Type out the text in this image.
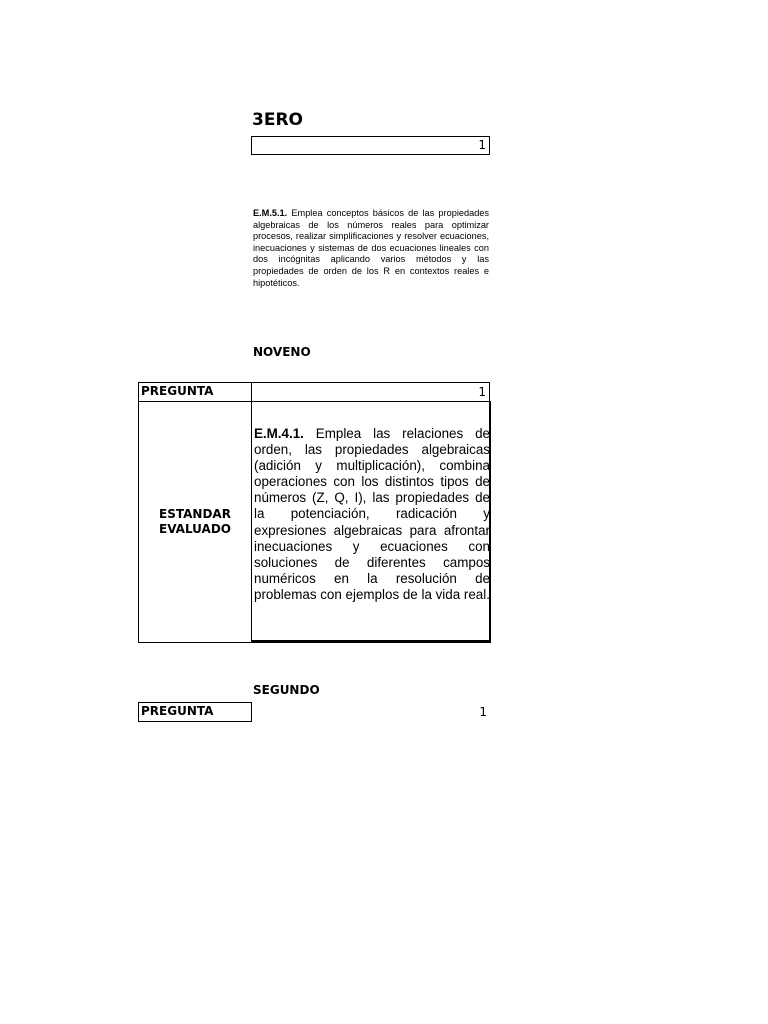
3ERO
1
E.M.5.1. Emplea conceptos básicos de las propiedades algebraicas de los números reales para optimizar procesos, realizar simplificaciones y resolver ecuaciones, inecuaciones y sistemas de dos ecuaciones lineales con dos incógnitas aplicando varios métodos y las propiedades de orden de los R en contextos reales e hipotéticos.
NOVENO
PREGUNTA	1
ESTANDAR EVALUADO
E.M.4.1. Emplea las relaciones de orden, las propiedades algebraicas (adición y multiplicación), combina operaciones con los distintos tipos de números (Z, Q, I), las propiedades de la potenciación, radicación y expresiones algebraicas para afrontar inecuaciones y ecuaciones con soluciones de diferentes campos numéricos en la resolución de problemas con ejemplos de la vida real.
SEGUNDO
PREGUNTA	1
